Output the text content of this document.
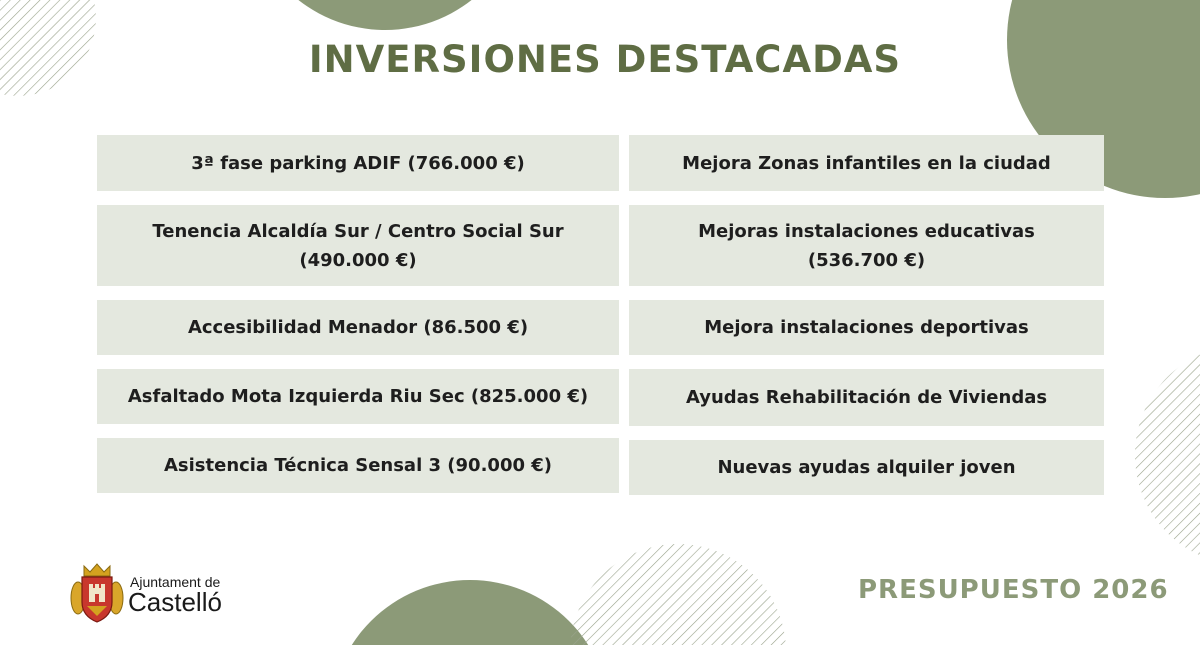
INVERSIONES DESTACADAS
3ª fase parking ADIF (766.000 €)
Tenencia Alcaldía Sur / Centro Social Sur
(490.000 €)
Accesibilidad Menador (86.500 €)
Asfaltado Mota Izquierda Riu Sec (825.000 €)
Asistencia Técnica Sensal 3 (90.000 €)
Mejora Zonas infantiles en la ciudad
Mejoras instalaciones educativas
(536.700 €)
Mejora instalaciones deportivas
Ayudas Rehabilitación de Viviendas
Nuevas ayudas alquiler joven
Ajuntament de
Castelló	PRESUPUESTO 2026
